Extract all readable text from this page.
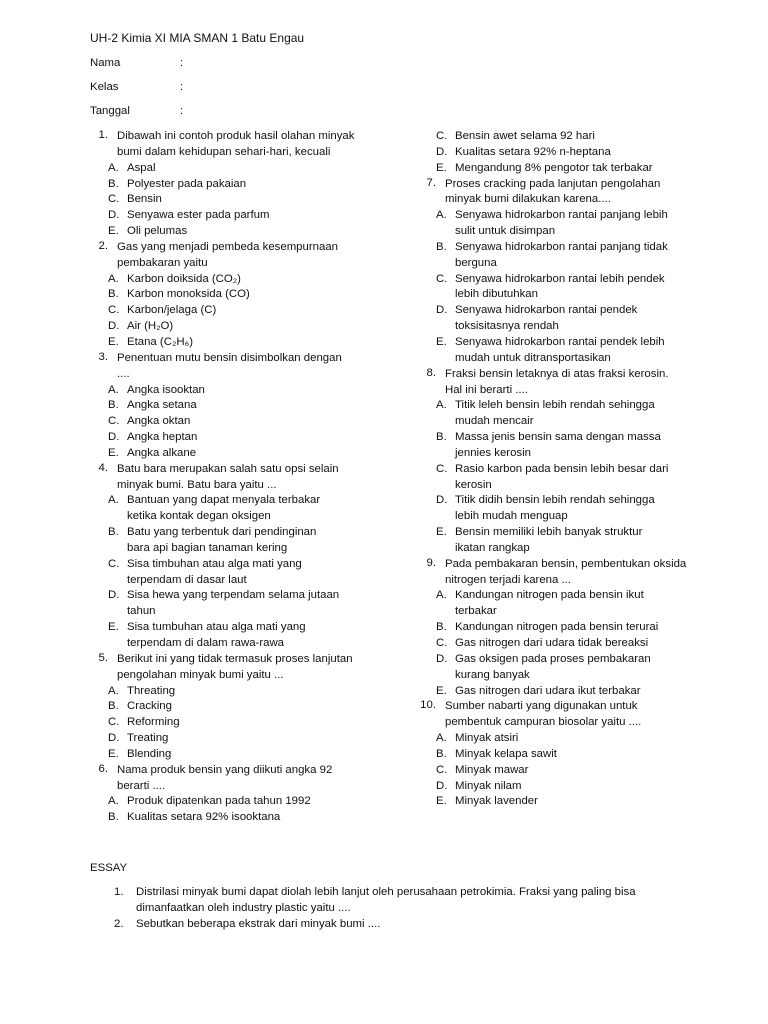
UH-2 Kimia XI MIA SMAN 1 Batu Engau
Nama	:
Kelas	:
Tanggal	:
1. Dibawah ini contoh produk hasil olahan minyak
bumi dalam kehidupan sehari-hari, kecuali
A. Aspal
B. Polyester pada pakaian
C. Bensin
D. Senyawa ester pada parfum
E. Oli pelumas
2. Gas yang menjadi pembeda kesempurnaan
pembakaran yaitu
A. Karbon doiksida (CO₂)
B. Karbon monoksida (CO)
C. Karbon/jelaga (C)
D. Air (H₂O)
E. Etana (C₂H₆)
3. Penentuan mutu bensin disimbolkan dengan
....
A. Angka isooktan
B. Angka setana
C. Angka oktan
D. Angka heptan
E. Angka alkane
4. Batu bara merupakan salah satu opsi selain
minyak bumi. Batu bara yaitu ...
A. Bantuan yang dapat menyala terbakar
ketika kontak degan oksigen
B. Batu yang terbentuk dari pendinginan
bara api bagian tanaman kering
C. Sisa timbuhan atau alga mati yang
terpendam di dasar laut
D. Sisa hewa yang terpendam selama jutaan
tahun
E. Sisa tumbuhan atau alga mati yang
terpendam di dalam rawa-rawa
5. Berikut ini yang tidak termasuk proses lanjutan
pengolahan minyak bumi yaitu ...
A. Threating
B. Cracking
C. Reforming
D. Treating
E. Blending
6. Nama produk bensin yang diikuti angka 92
berarti ....
A. Produk dipatenkan pada tahun 1992
B. Kualitas setara 92% isooktana
C. Bensin awet selama 92 hari
D. Kualitas setara 92% n-heptana
E. Mengandung 8% pengotor tak terbakar
7. Proses cracking pada lanjutan pengolahan
minyak bumi dilakukan karena....
A. Senyawa hidrokarbon rantai panjang lebih
sulit untuk disimpan
B. Senyawa hidrokarbon rantai panjang tidak
berguna
C. Senyawa hidrokarbon rantai lebih pendek
lebih dibutuhkan
D. Senyawa hidrokarbon rantai pendek
toksisitasnya rendah
E. Senyawa hidrokarbon rantai pendek lebih
mudah untuk ditransportasikan
8. Fraksi bensin letaknya di atas fraksi kerosin.
Hal ini berarti ....
A. Titik leleh bensin lebih rendah sehingga
mudah mencair
B. Massa jenis bensin sama dengan massa
jennies kerosin
C. Rasio karbon pada bensin lebih besar dari
kerosin
D. Titik didih bensin lebih rendah sehingga
lebih mudah menguap
E. Bensin memiliki lebih banyak struktur
ikatan rangkap
9. Pada pembakaran bensin, pembentukan oksida
nitrogen terjadi karena ...
A. Kandungan nitrogen pada bensin ikut
terbakar
B. Kandungan nitrogen pada bensin terurai
C. Gas nitrogen dari udara tidak bereaksi
D. Gas oksigen pada proses pembakaran
kurang banyak
E. Gas nitrogen dari udara ikut terbakar
10. Sumber nabarti yang digunakan untuk
pembentuk campuran biosolar yaitu ....
A. Minyak atsiri
B. Minyak kelapa sawit
C. Minyak mawar
D. Minyak nilam
E. Minyak lavender
ESSAY
1.	Distrilasi minyak bumi dapat diolah lebih lanjut oleh perusahaan petrokimia. Fraksi yang paling bisa
dimanfaatkan oleh industry plastic yaitu ....
2.	Sebutkan beberapa ekstrak dari minyak bumi ....
